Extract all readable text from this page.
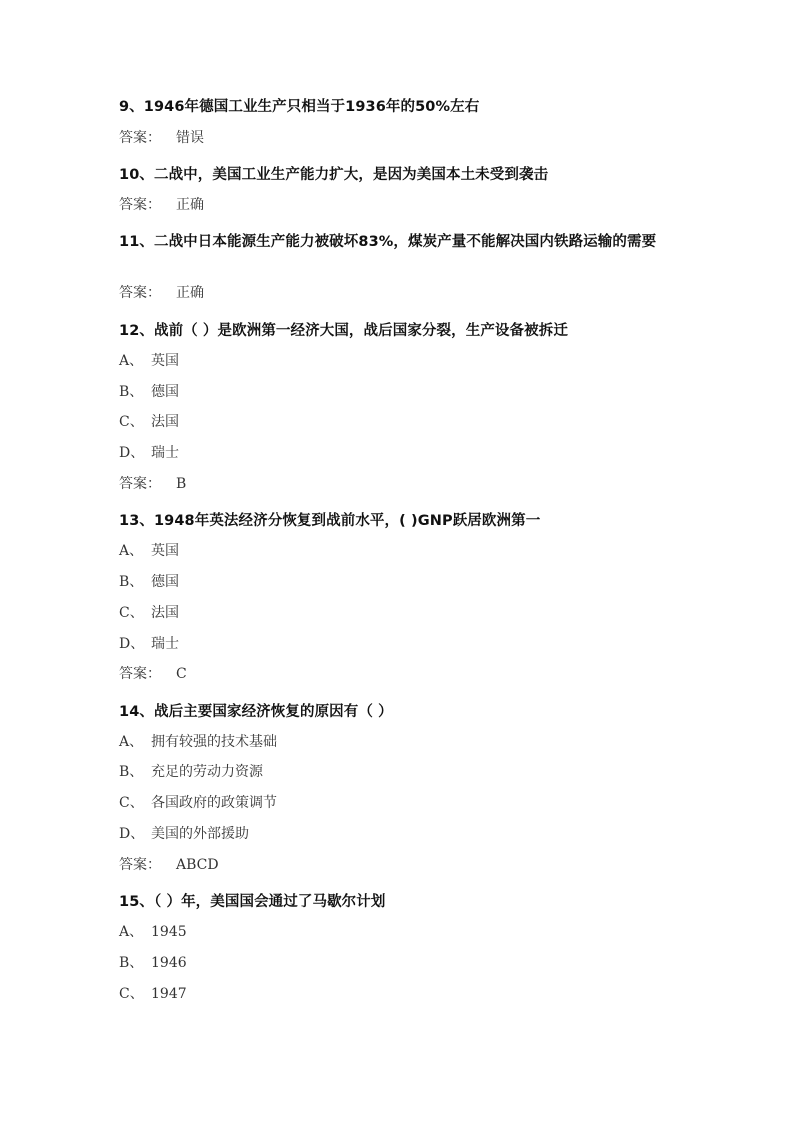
9、1946年德国工业生产只相当于1936年的50%左右
答案： 错误
10、二战中，美国工业生产能力扩大，是因为美国本土未受到袭击
答案： 正确
11、二战中日本能源生产能力被破坏83%，煤炭产量不能解决国内铁路运输的需要
答案： 正确
12、战前（ ）是欧洲第一经济大国，战后国家分裂，生产设备被拆迁
A、 英国
B、 德国
C、 法国
D、 瑞士
答案： B
13、1948年英法经济分恢复到战前水平，( )GNP跃居欧洲第一
A、 英国
B、 德国
C、 法国
D、 瑞士
答案： C
14、战后主要国家经济恢复的原因有（ ）
A、 拥有较强的技术基础
B、 充足的劳动力资源
C、 各国政府的政策调节
D、 美国的外部援助
答案： ABCD
15、（ ）年，美国国会通过了马歇尔计划
A、 1945
B、 1946
C、 1947
